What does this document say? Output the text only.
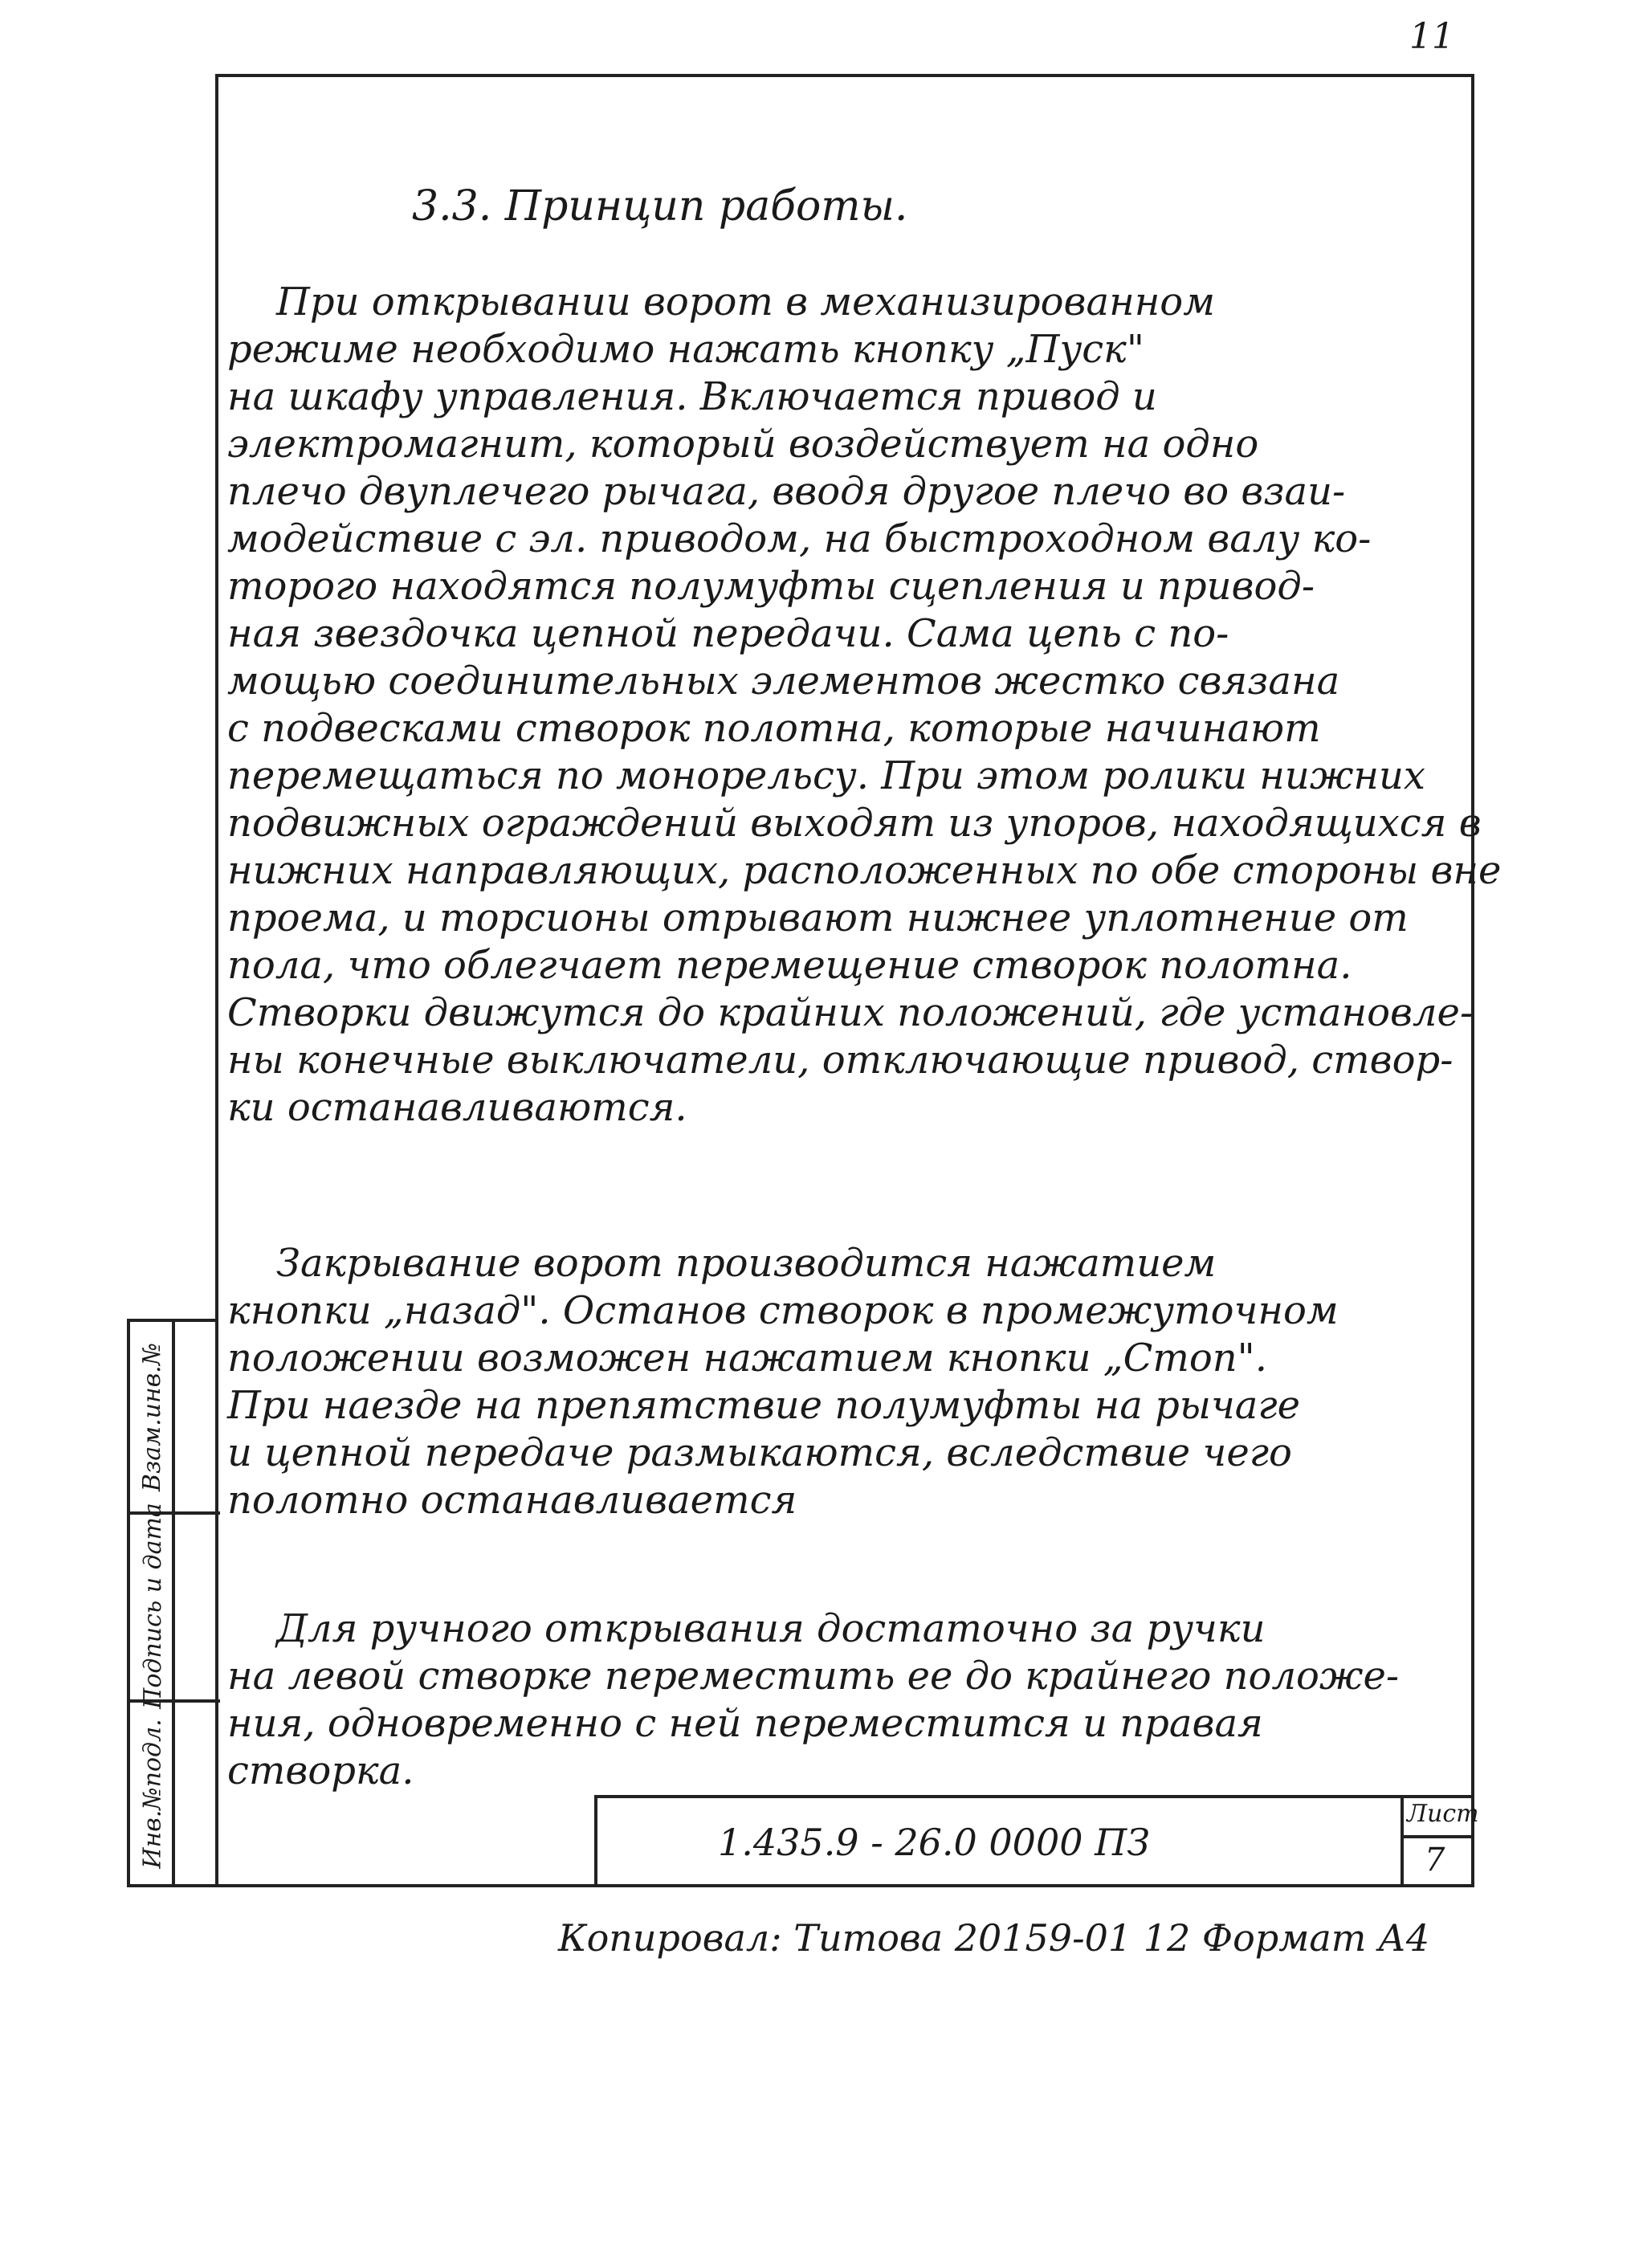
11
3.3. Принцип работы.
При открывании ворот в механизированном
режиме необходимо нажать кнопку „Пуск"
на шкафу управления. Включается привод и
электромагнит, который воздействует на одно
плечо двуплечего рычага, вводя другое плечо во взаи-
модействие с эл. приводом, на быстроходном валу ко-
торого находятся полумуфты сцепления и привод-
ная звездочка цепной передачи. Сама цепь с по-
мощью соединительных элементов жестко связана
с подвесками створок полотна, которые начинают
перемещаться по монорельсу. При этом ролики нижних
подвижных ограждений выходят из упоров, находящихся в
нижних направляющих, расположенных по обе стороны вне
проема, и торсионы отрывают нижнее уплотнение от
пола, что облегчает перемещение створок полотна.
Створки движутся до крайних положений, где установле-
ны конечные выключатели, отключающие привод, створ-
ки останавливаются.
Закрывание ворот производится нажатием
кнопки „назад". Останов створок в промежуточном
положении возможен нажатием кнопки „Стоп".
При наезде на препятствие полумуфты на рычаге
и цепной передаче размыкаются, вследствие чего
полотно останавливается
Для ручного открывания достаточно за ручки
на левой створке переместить ее до крайнего положе-
ния, одновременно с ней переместится и правая
створка.
Инв.№подл.
Подпись и дата
Взам.инв.№
1.435.9 - 26.0 0000 ПЗ
Лист
7
Копировал: Титова 20159-01 12 Формат А4
